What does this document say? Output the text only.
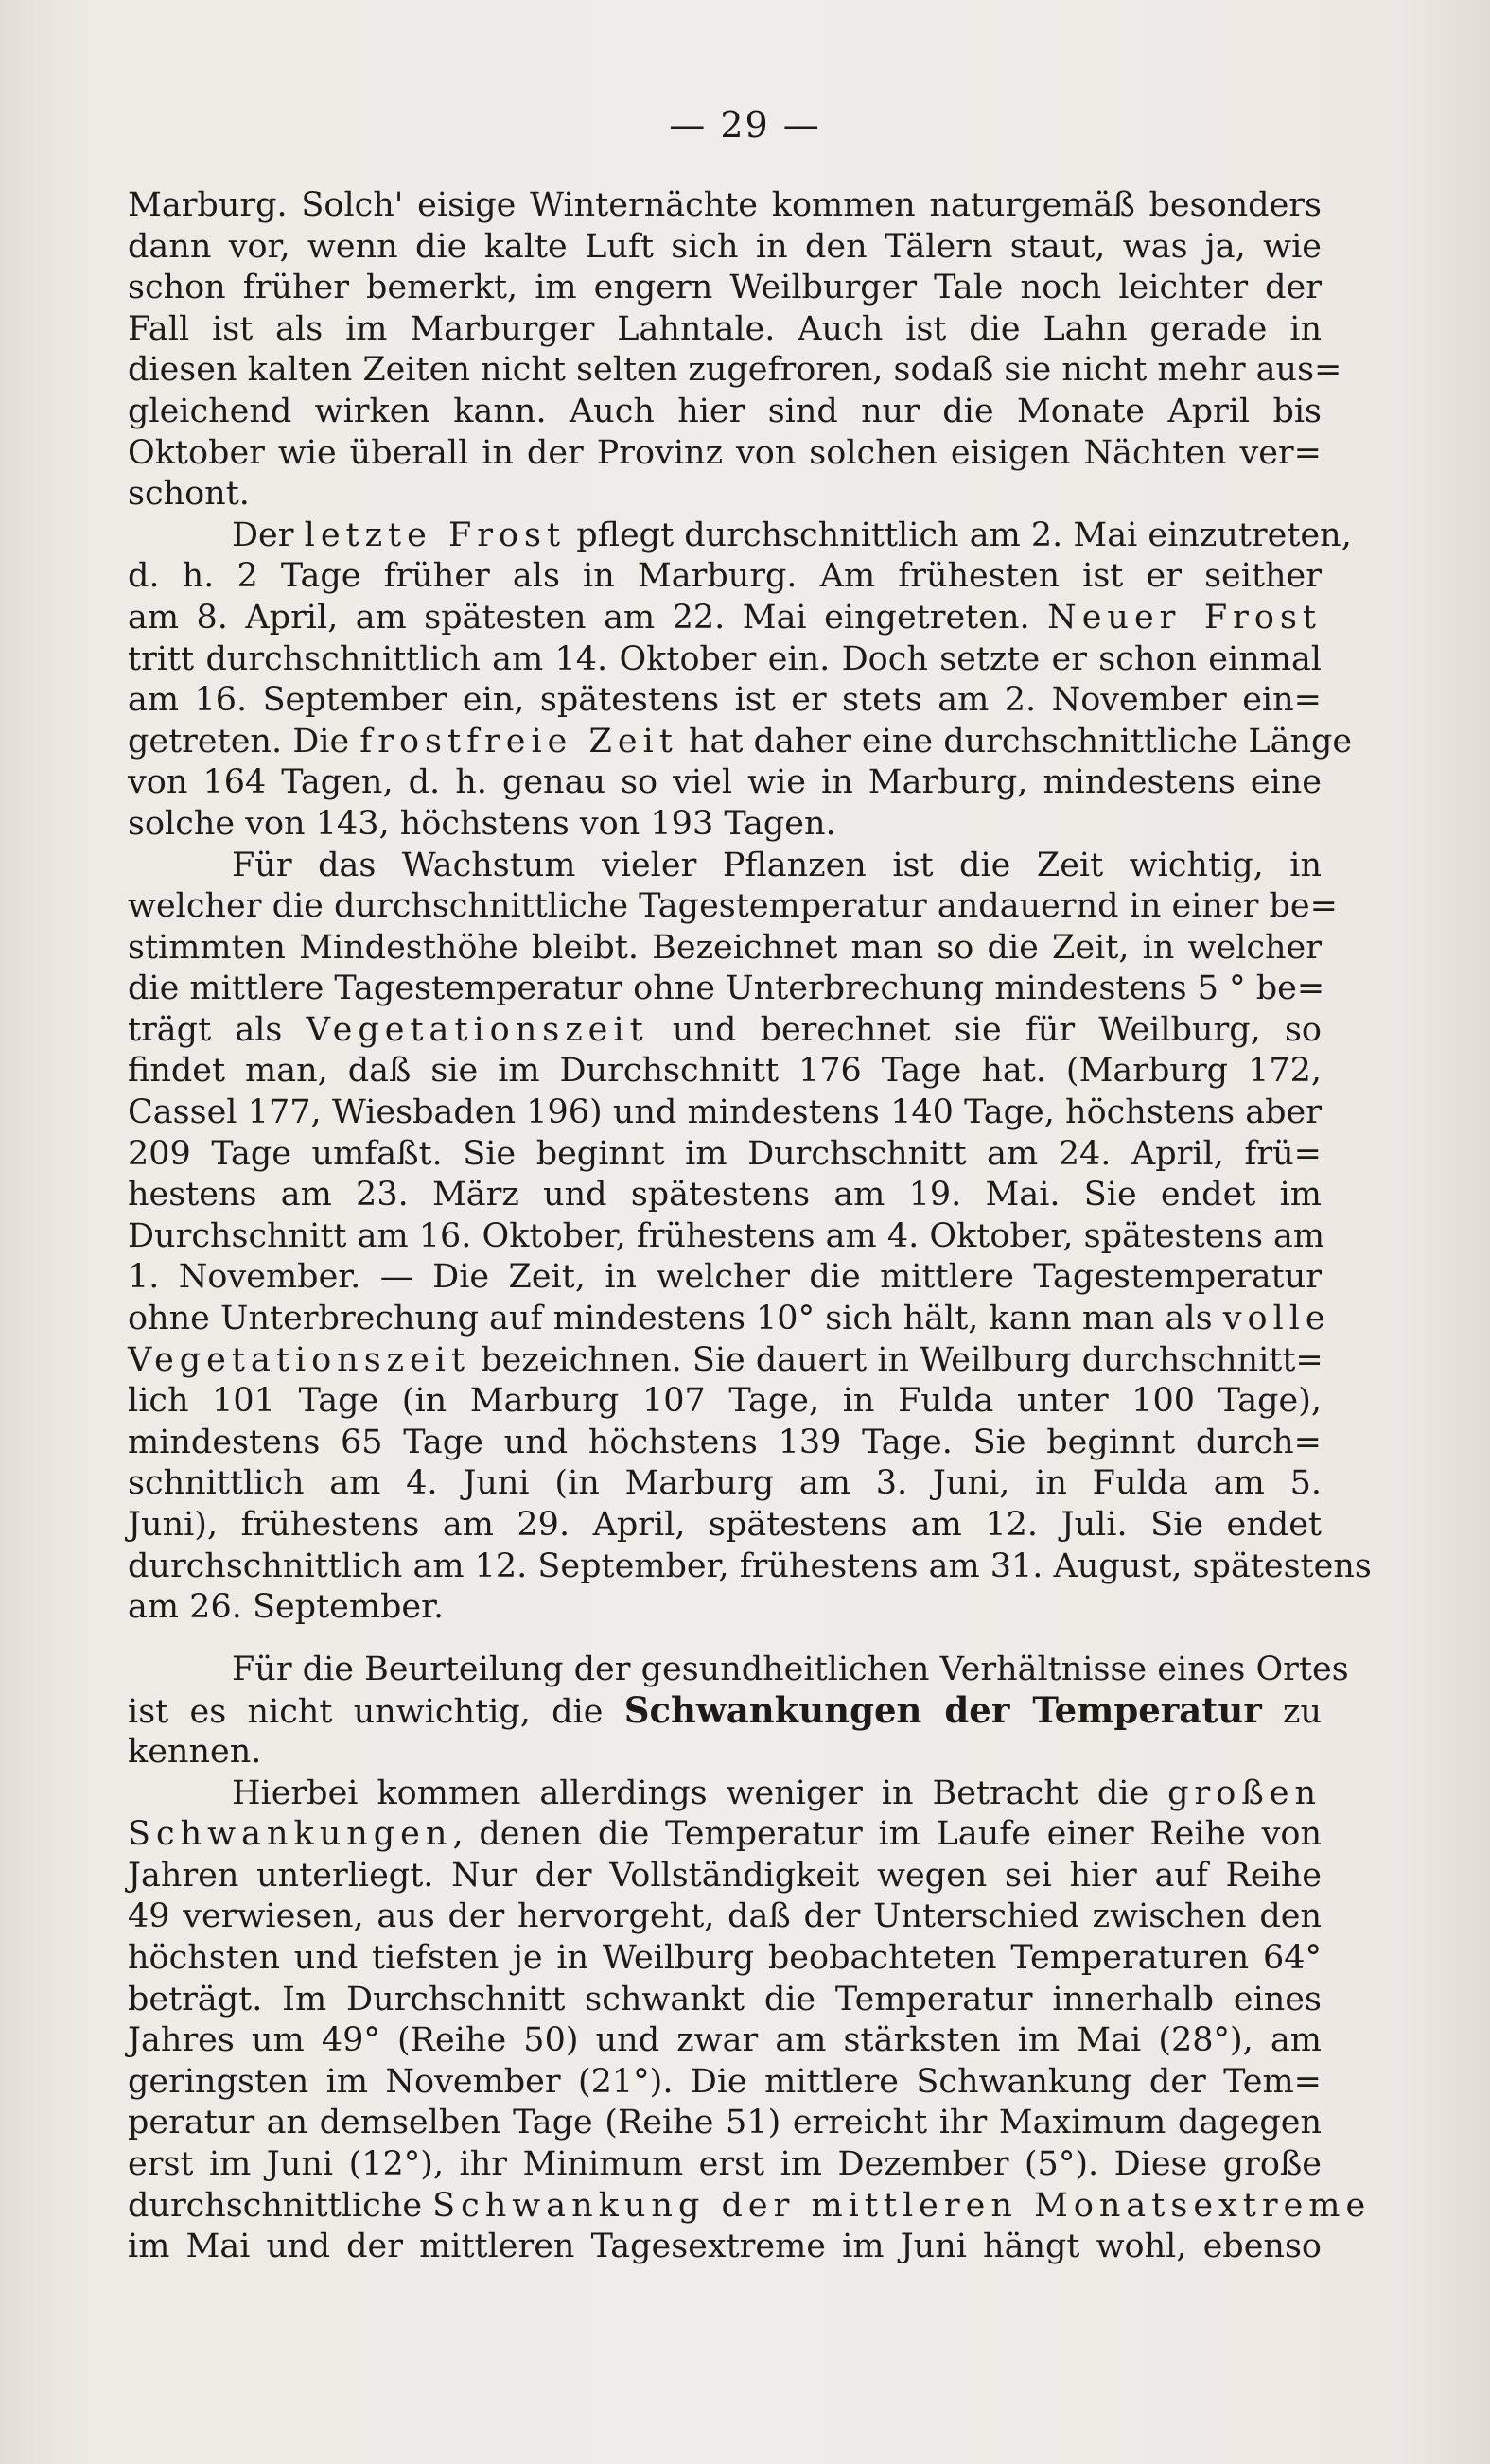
— 29 —
Marburg. Solch' eisige Winternächte kommen naturgemäß besonders
dann vor, wenn die kalte Luft sich in den Tälern staut, was ja, wie
schon früher bemerkt, im engern Weilburger Tale noch leichter der
Fall ist als im Marburger Lahntale. Auch ist die Lahn gerade in
diesen kalten Zeiten nicht selten zugefroren, sodaß sie nicht mehr aus=
gleichend wirken kann. Auch hier sind nur die Monate April bis
Oktober wie überall in der Provinz von solchen eisigen Nächten ver=
schont.
Der letzte Frost pflegt durchschnittlich am 2. Mai einzutreten,
d. h. 2 Tage früher als in Marburg. Am frühesten ist er seither
am 8. April, am spätesten am 22. Mai eingetreten. Neuer Frost
tritt durchschnittlich am 14. Oktober ein. Doch setzte er schon einmal
am 16. September ein, spätestens ist er stets am 2. November ein=
getreten. Die frostfreie Zeit hat daher eine durchschnittliche Länge
von 164 Tagen, d. h. genau so viel wie in Marburg, mindestens eine
solche von 143, höchstens von 193 Tagen.
Für das Wachstum vieler Pflanzen ist die Zeit wichtig, in
welcher die durchschnittliche Tagestemperatur andauernd in einer be=
stimmten Mindesthöhe bleibt. Bezeichnet man so die Zeit, in welcher
die mittlere Tagestemperatur ohne Unterbrechung mindestens 5 ° be=
trägt als Vegetationszeit und berechnet sie für Weilburg, so
findet man, daß sie im Durchschnitt 176 Tage hat. (Marburg 172,
Cassel 177, Wiesbaden 196) und mindestens 140 Tage, höchstens aber
209 Tage umfaßt. Sie beginnt im Durchschnitt am 24. April, frü=
hestens am 23. März und spätestens am 19. Mai. Sie endet im
Durchschnitt am 16. Oktober, frühestens am 4. Oktober, spätestens am
1. November. — Die Zeit, in welcher die mittlere Tagestemperatur
ohne Unterbrechung auf mindestens 10° sich hält, kann man als volle
Vegetationszeit bezeichnen. Sie dauert in Weilburg durchschnitt=
lich 101 Tage (in Marburg 107 Tage, in Fulda unter 100 Tage),
mindestens 65 Tage und höchstens 139 Tage. Sie beginnt durch=
schnittlich am 4. Juni (in Marburg am 3. Juni, in Fulda am 5.
Juni), frühestens am 29. April, spätestens am 12. Juli. Sie endet
durchschnittlich am 12. September, frühestens am 31. August, spätestens
am 26. September.
Für die Beurteilung der gesundheitlichen Verhältnisse eines Ortes
ist es nicht unwichtig, die Schwankungen der Temperatur zu
kennen.
Hierbei kommen allerdings weniger in Betracht die großen
Schwankungen, denen die Temperatur im Laufe einer Reihe von
Jahren unterliegt. Nur der Vollständigkeit wegen sei hier auf Reihe
49 verwiesen, aus der hervorgeht, daß der Unterschied zwischen den
höchsten und tiefsten je in Weilburg beobachteten Temperaturen 64°
beträgt. Im Durchschnitt schwankt die Temperatur innerhalb eines
Jahres um 49° (Reihe 50) und zwar am stärksten im Mai (28°), am
geringsten im November (21°). Die mittlere Schwankung der Tem=
peratur an demselben Tage (Reihe 51) erreicht ihr Maximum dagegen
erst im Juni (12°), ihr Minimum erst im Dezember (5°). Diese große
durchschnittliche Schwankung der mittleren Monatsextreme
im Mai und der mittleren Tagesextreme im Juni hängt wohl, ebenso
